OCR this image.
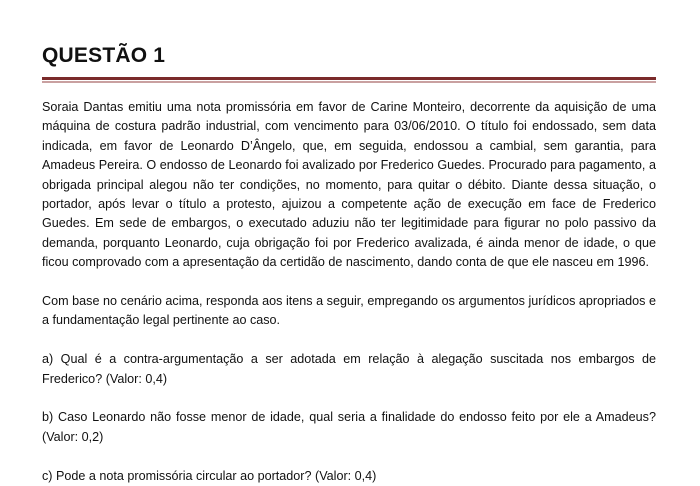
QUESTÃO 1

Soraia Dantas emitiu uma nota promissória em favor de Carine Monteiro, decorrente da aquisição de uma máquina de costura padrão industrial, com vencimento para 03/06/2010. O título foi endossado, sem data indicada, em favor de Leonardo D’Ângelo, que, em seguida, endossou a cambial, sem garantia, para Amadeus Pereira. O endosso de Leonardo foi avalizado por Frederico Guedes. Procurado para pagamento, a obrigada principal alegou não ter condições, no momento, para quitar o débito. Diante dessa situação, o portador, após levar o título a protesto, ajuizou a competente ação de execução em face de Frederico Guedes. Em sede de embargos, o executado aduziu não ter legitimidade para figurar no polo passivo da demanda, porquanto Leonardo, cuja obrigação foi por Frederico avalizada, é ainda menor de idade, o que ficou comprovado com a apresentação da certidão de nascimento, dando conta de que ele nasceu em 1996.

Com base no cenário acima, responda aos itens a seguir, empregando os argumentos jurídicos apropriados e a fundamentação legal pertinente ao caso.

a) Qual é a contra-argumentação a ser adotada em relação à alegação suscitada nos embargos de Frederico? (Valor: 0,4)

b) Caso Leonardo não fosse menor de idade, qual seria a finalidade do endosso feito por ele a Amadeus? (Valor: 0,2)

c) Pode a nota promissória circular ao portador? (Valor: 0,4)
